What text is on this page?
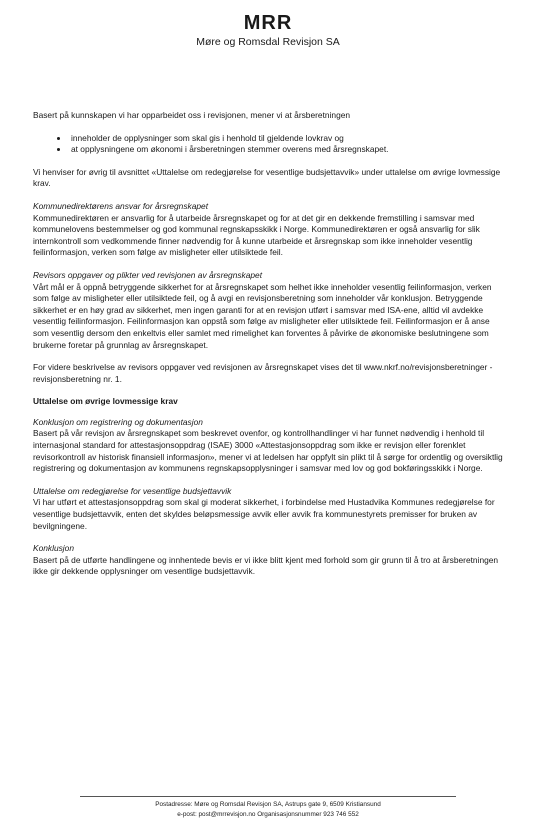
MRR
Møre og Romsdal Revisjon SA

Basert på kunnskapen vi har opparbeidet oss i revisjonen, mener vi at årsberetningen

• inneholder de opplysninger som skal gis i henhold til gjeldende lovkrav og
• at opplysningene om økonomi i årsberetningen stemmer overens med årsregnskapet.

Vi henviser for øvrig til avsnittet «Uttalelse om redegjørelse for vesentlige budsjettavvik» under uttalelse om øvrige lovmessige krav.

Kommunedirektørens ansvar for årsregnskapet
Kommunedirektøren er ansvarlig for å utarbeide årsregnskapet og for at det gir en dekkende fremstilling i samsvar med kommunelovens bestemmelser og god kommunal regnskapsskikk i Norge. Kommunedirektøren er også ansvarlig for slik internkontroll som vedkommende finner nødvendig for å kunne utarbeide et årsregnskap som ikke inneholder vesentlig feilinformasjon, verken som følge av misligheter eller utilsiktede feil.
Revisors oppgaver og plikter ved revisjonen av årsregnskapet
Vårt mål er å oppnå betryggende sikkerhet for at årsregnskapet som helhet ikke inneholder vesentlig feilinformasjon, verken som følge av misligheter eller utilsiktede feil, og å avgi en revisjonsberetning som inneholder vår konklusjon. Betryggende sikkerhet er en høy grad av sikkerhet, men ingen garanti for at en revisjon utført i samsvar med ISA-ene, alltid vil avdekke vesentlig feilinformasjon. Feilinformasjon kan oppstå som følge av misligheter eller utilsiktede feil. Feilinformasjon er å anse som vesentlig dersom den enkeltvis eller samlet med rimelighet kan forventes å påvirke de økonomiske beslutningene som brukerne foretar på grunnlag av årsregnskapet.

For videre beskrivelse av revisors oppgaver ved revisjonen av årsregnskapet vises det til www.nkrf.no/revisjonsberetninger - revisjonsberetning nr. 1.

Uttalelse om øvrige lovmessige krav
Konklusjon om registrering og dokumentasjon
Basert på vår revisjon av årsregnskapet som beskrevet ovenfor, og kontrollhandlinger vi har funnet nødvendig i henhold til internasjonal standard for attestasjonsoppdrag (ISAE) 3000 «Attestasjonsoppdrag som ikke er revisjon eller forenklet revisorkontroll av historisk finansiell informasjon», mener vi at ledelsen har oppfylt sin plikt til å sørge for ordentlig og oversiktlig registrering og dokumentasjon av kommunens regnskapsopplysninger i samsvar med lov og god bokføringsskikk i Norge.
Uttalelse om redegjørelse for vesentlige budsjettavvik
Vi har utført et attestasjonsoppdrag som skal gi moderat sikkerhet, i forbindelse med Hustadvika Kommunes redegjørelse for vesentlige budsjettavvik, enten det skyldes beløpsmessige avvik eller avvik fra kommunestyrets premisser for bruken av bevilgningene.
Konklusjon
Basert på de utførte handlingene og innhentede bevis er vi ikke blitt kjent med forhold som gir grunn til å tro at årsberetningen ikke gir dekkende opplysninger om vesentlige budsjettavvik.
Postadresse: Møre og Romsdal Revisjon SA, Astrups gate 9, 6509 Kristiansund
e-post: post@mrrevisjon.no Organisasjonsnummer 923 746 552
